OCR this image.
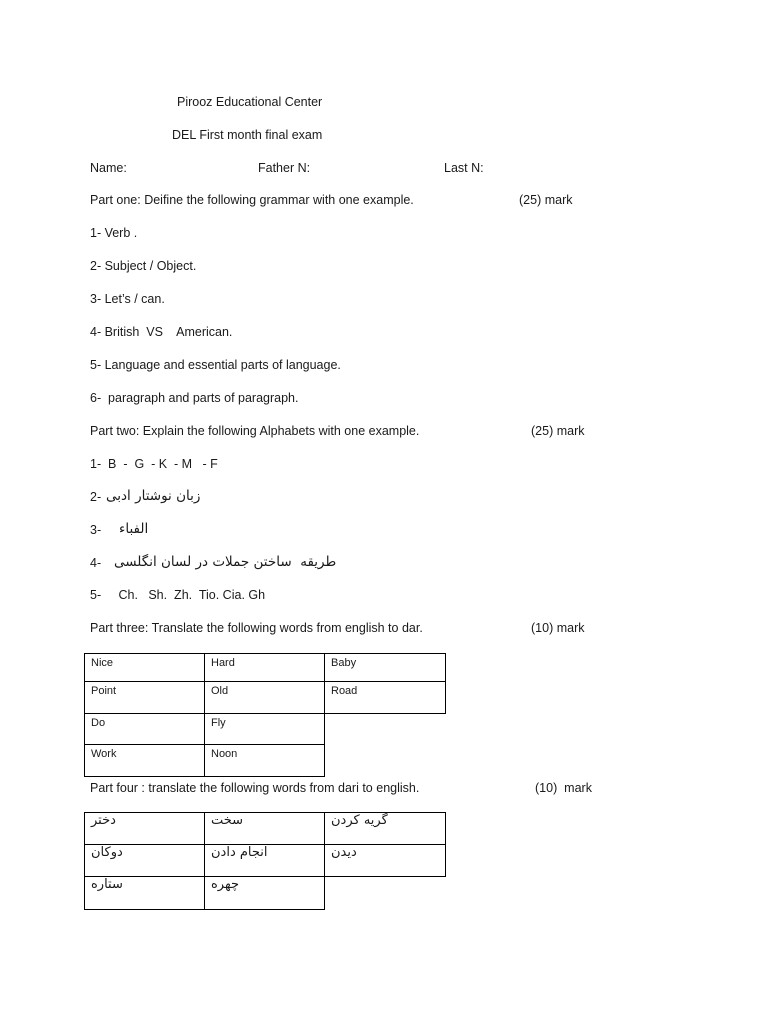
Pirooz Educational Center
DEL First month final exam
Name:	Father N:	Last N:
Part one: Deifine the following grammar with one example.	(25) mark
1- Verb .
2- Subject / Object.
3- Let’s / can.
4- British  VS    American.
5- Language and essential parts of language.
6-  paragraph and parts of paragraph.
Part two: Explain the following Alphabets with one example.	(25) mark
1-  B  -  G  - K  - M   - F
2- زبان نوشتار ادبی
3- الفباء
4- طریقه  ساختن جملات در لسان انگلسی
5-     Ch.   Sh.  Zh.  Tio. Cia. Gh
Part three: Translate the following words from english to dar.	(10) mark
Nice	Hard	Baby
Point	Old	Road
Do	Fly	
Work	Noon	
Part four : translate the following words from dari to english.	(10)  mark
دختر	سخت	گریه کردن
دوکان	انجام دادن	دیدن
ستاره	چهره	
